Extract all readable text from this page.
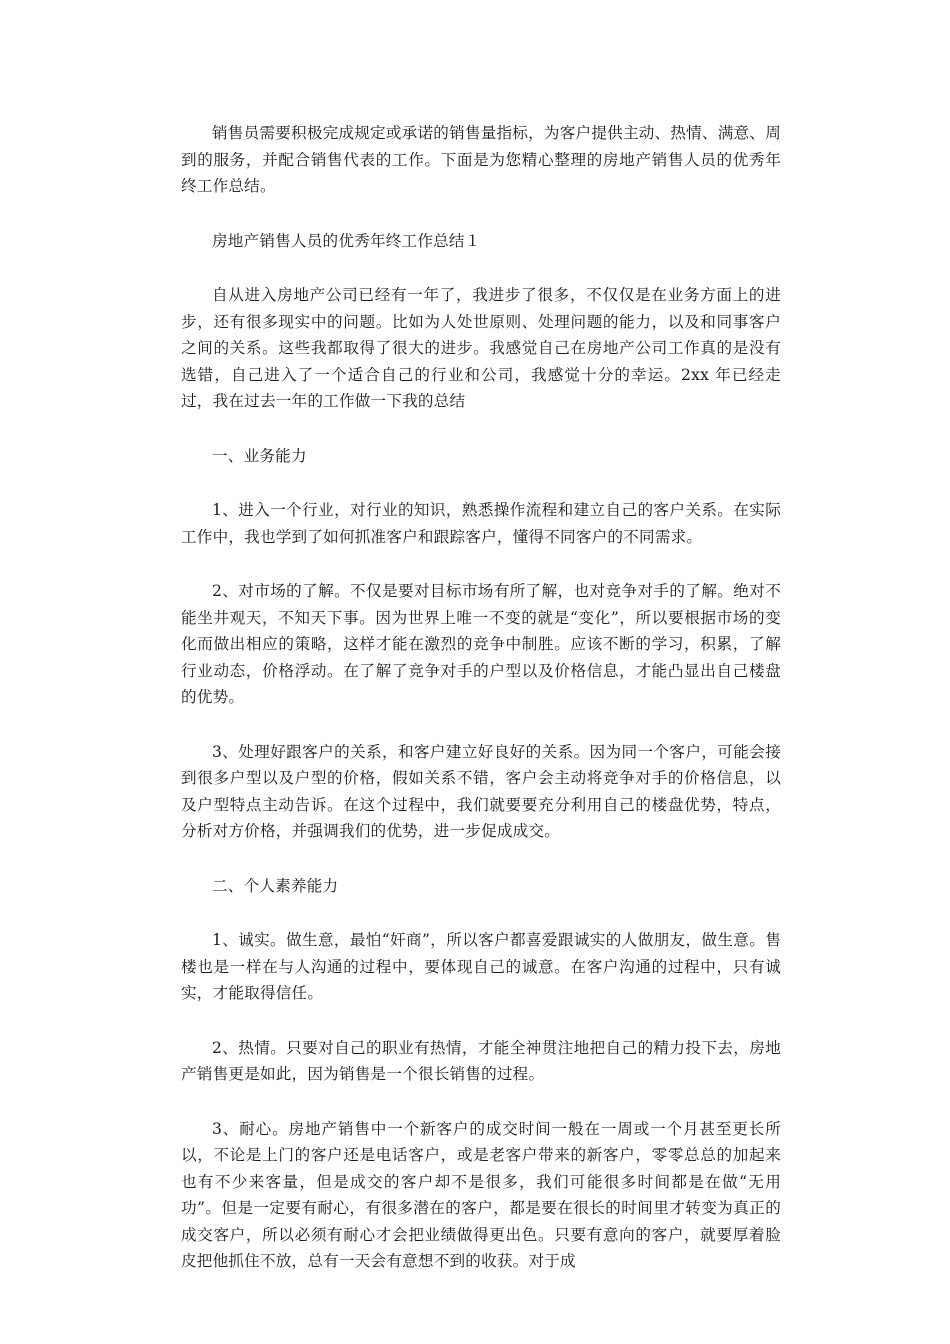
销售员需要积极完成规定或承诺的销售量指标，为客户提供主动、热情、满意、周到的服务，并配合销售代表的工作。下面是为您精心整理的房地产销售人员的优秀年终工作总结。

房地产销售人员的优秀年终工作总结１

自从进入房地产公司已经有一年了，我进步了很多，不仅仅是在业务方面上的进步，还有很多现实中的问题。比如为人处世原则、处理问题的能力，以及和同事客户之间的关系。这些我都取得了很大的进步。我感觉自己在房地产公司工作真的是没有选错，自己进入了一个适合自己的行业和公司，我感觉十分的幸运。2xx 年已经走过，我在过去一年的工作做一下我的总结

一、业务能力

1、进入一个行业，对行业的知识，熟悉操作流程和建立自己的客户关系。在实际工作中，我也学到了如何抓准客户和跟踪客户，懂得不同客户的不同需求。

2、对市场的了解。不仅是要对目标市场有所了解，也对竞争对手的了解。绝对不能坐井观天，不知天下事。因为世界上唯一不变的就是“变化”，所以要根据市场的变化而做出相应的策略，这样才能在激烈的竞争中制胜。应该不断的学习，积累，了解行业动态，价格浮动。在了解了竞争对手的户型以及价格信息，才能凸显出自己楼盘的优势。

3、处理好跟客户的关系，和客户建立好良好的关系。因为同一个客户，可能会接到很多户型以及户型的价格，假如关系不错，客户会主动将竞争对手的价格信息，以及户型特点主动告诉。在这个过程中，我们就要要充分利用自己的楼盘优势，特点，分析对方价格，并强调我们的优势，进一步促成成交。

二、个人素养能力

1、诚实。做生意，最怕“奸商”，所以客户都喜爱跟诚实的人做朋友，做生意。售楼也是一样在与人沟通的过程中，要体现自己的诚意。在客户沟通的过程中，只有诚实，才能取得信任。

2、热情。只要对自己的职业有热情，才能全神贯注地把自己的精力投下去，房地产销售更是如此，因为销售是一个很长销售的过程。

3、耐心。房地产销售中一个新客户的成交时间一般在一周或一个月甚至更长所以，不论是上门的客户还是电话客户，或是老客户带来的新客户，零零总总的加起来也有不少来客量，但是成交的客户却不是很多，我们可能很多时间都是在做“无用功”。但是一定要有耐心，有很多潜在的客户，都是要在很长的时间里才转变为真正的成交客户，所以必须有耐心才会把业绩做得更出色。只要有意向的客户，就要厚着脸皮把他抓住不放，总有一天会有意想不到的收获。对于成
